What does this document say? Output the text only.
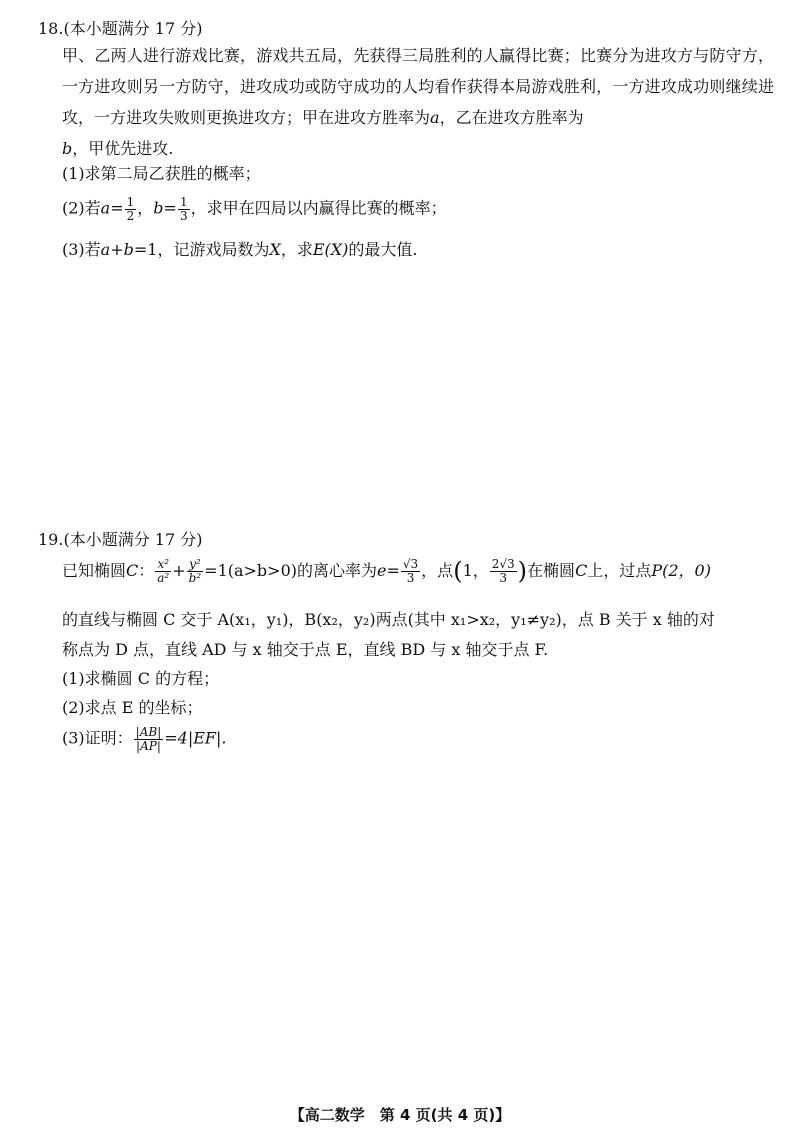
18.(本小题满分 17 分)
甲、乙两人进行游戏比赛，游戏共五局，先获得三局胜利的人赢得比赛；比赛分为进攻方与防守方，一方进攻则另一方防守，进攻成功或防守成功的人均看作获得本局游戏胜利，一方进攻成功则继续进攻，一方进攻失败则更换进攻方；甲在进攻方胜率为a，乙在进攻方胜率为
b，甲优先进攻.
(1)求第二局乙获胜的概率；
(2)若$a= \frac{1}{2}$ ，$b= \frac{1}{3}$ ，求甲在四局以内赢得比赛的概率；
(3)若a+b=1，记游戏局数为X，求E(X)的最大值.
19.(本小题满分 17 分)
已知椭圆C： $\frac{\text{x²}}{\text{a²}} + \frac{\text{y²}}{\text{b²}} =1(a>b>0)$的离心率为$e= \frac{√3}{3}$ ，点(1， $\frac{2√3}{3}$ )在椭圆C上，过点P(2，0)
的直线与椭圆 C 交于 A(x₁，y₁)，B(x₂，y₂)两点(其中 x₁>x₂，y₁≠y₂)，点 B 关于 x 轴的对
称点为 D 点，直线 AD 与 x 轴交于点 E，直线 BD 与 x 轴交于点 F.
(1)求椭圆 C 的方程；
(2)求点 E 的坐标；
(3)证明： $\frac{|AB|}{|AP|} =4|EF|$.
【高二数学　第 4 页(共 4 页)】
